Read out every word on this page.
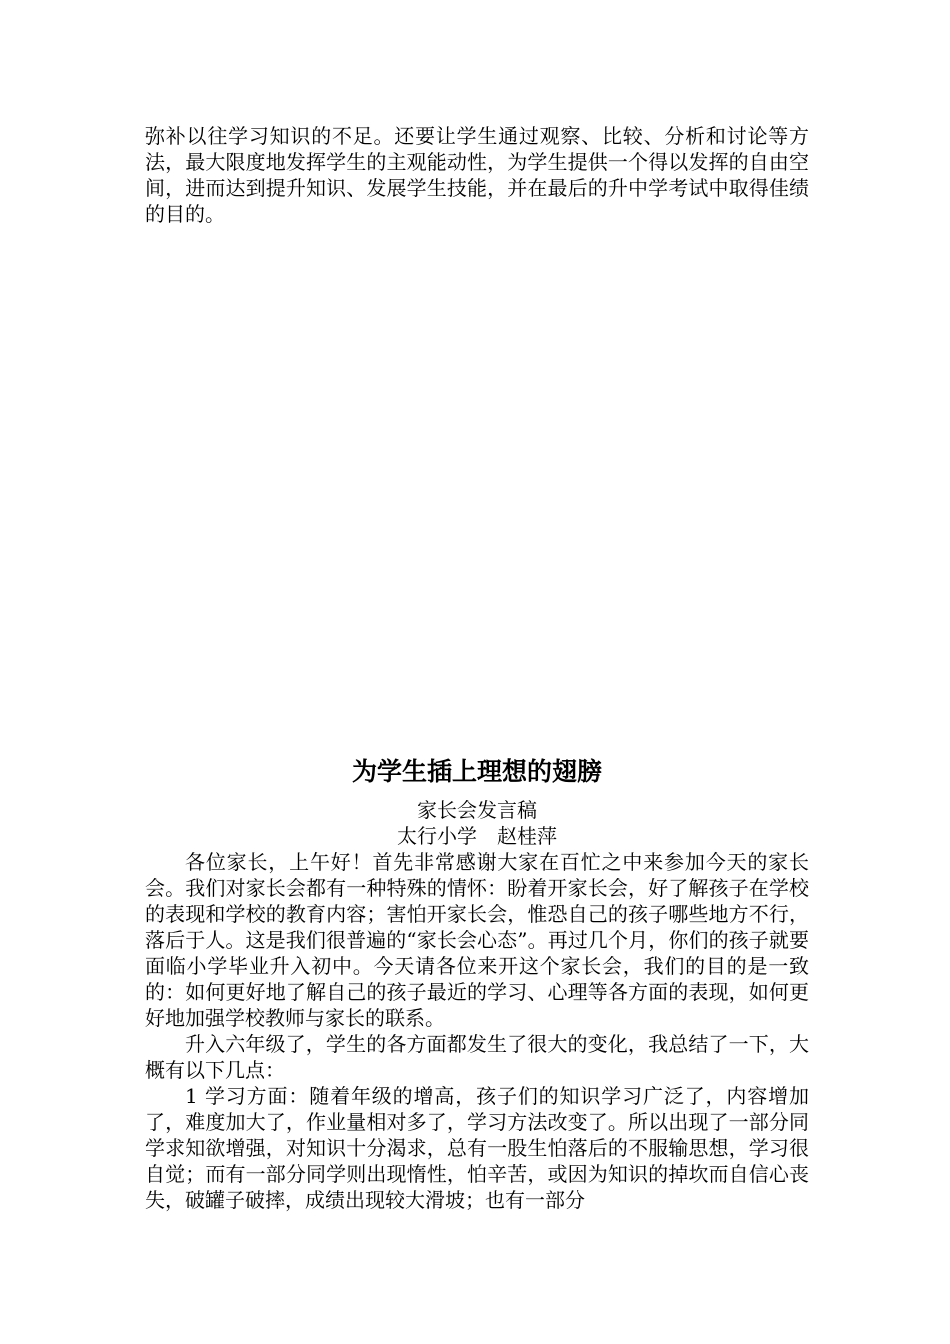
弥补以往学习知识的不足。还要让学生通过观察、比较、分析和讨论等方法，最大限度地发挥学生的主观能动性，为学生提供一个得以发挥的自由空间，进而达到提升知识、发展学生技能，并在最后的升中学考试中取得佳绩的目的。

为学生插上理想的翅膀
家长会发言稿
太行小学　赵桂萍

各位家长，上午好！首先非常感谢大家在百忙之中来参加今天的家长会。我们对家长会都有一种特殊的情怀：盼着开家长会，好了解孩子在学校的表现和学校的教育内容；害怕开家长会，惟恐自己的孩子哪些地方不行，落后于人。这是我们很普遍的“家长会心态”。再过几个月，你们的孩子就要面临小学毕业升入初中。今天请各位来开这个家长会，我们的目的是一致的：如何更好地了解自己的孩子最近的学习、心理等各方面的表现，如何更好地加强学校教师与家长的联系。

升入六年级了，学生的各方面都发生了很大的变化，我总结了一下，大概有以下几点：

1 学习方面：随着年级的增高，孩子们的知识学习广泛了，内容增加了，难度加大了，作业量相对多了，学习方法改变了。所以出现了一部分同学求知欲增强，对知识十分渴求，总有一股生怕落后的不服输思想，学习很自觉；而有一部分同学则出现惰性，怕辛苦，或因为知识的掉坎而自信心丧失，破罐子破摔，成绩出现较大滑坡；也有一部分
